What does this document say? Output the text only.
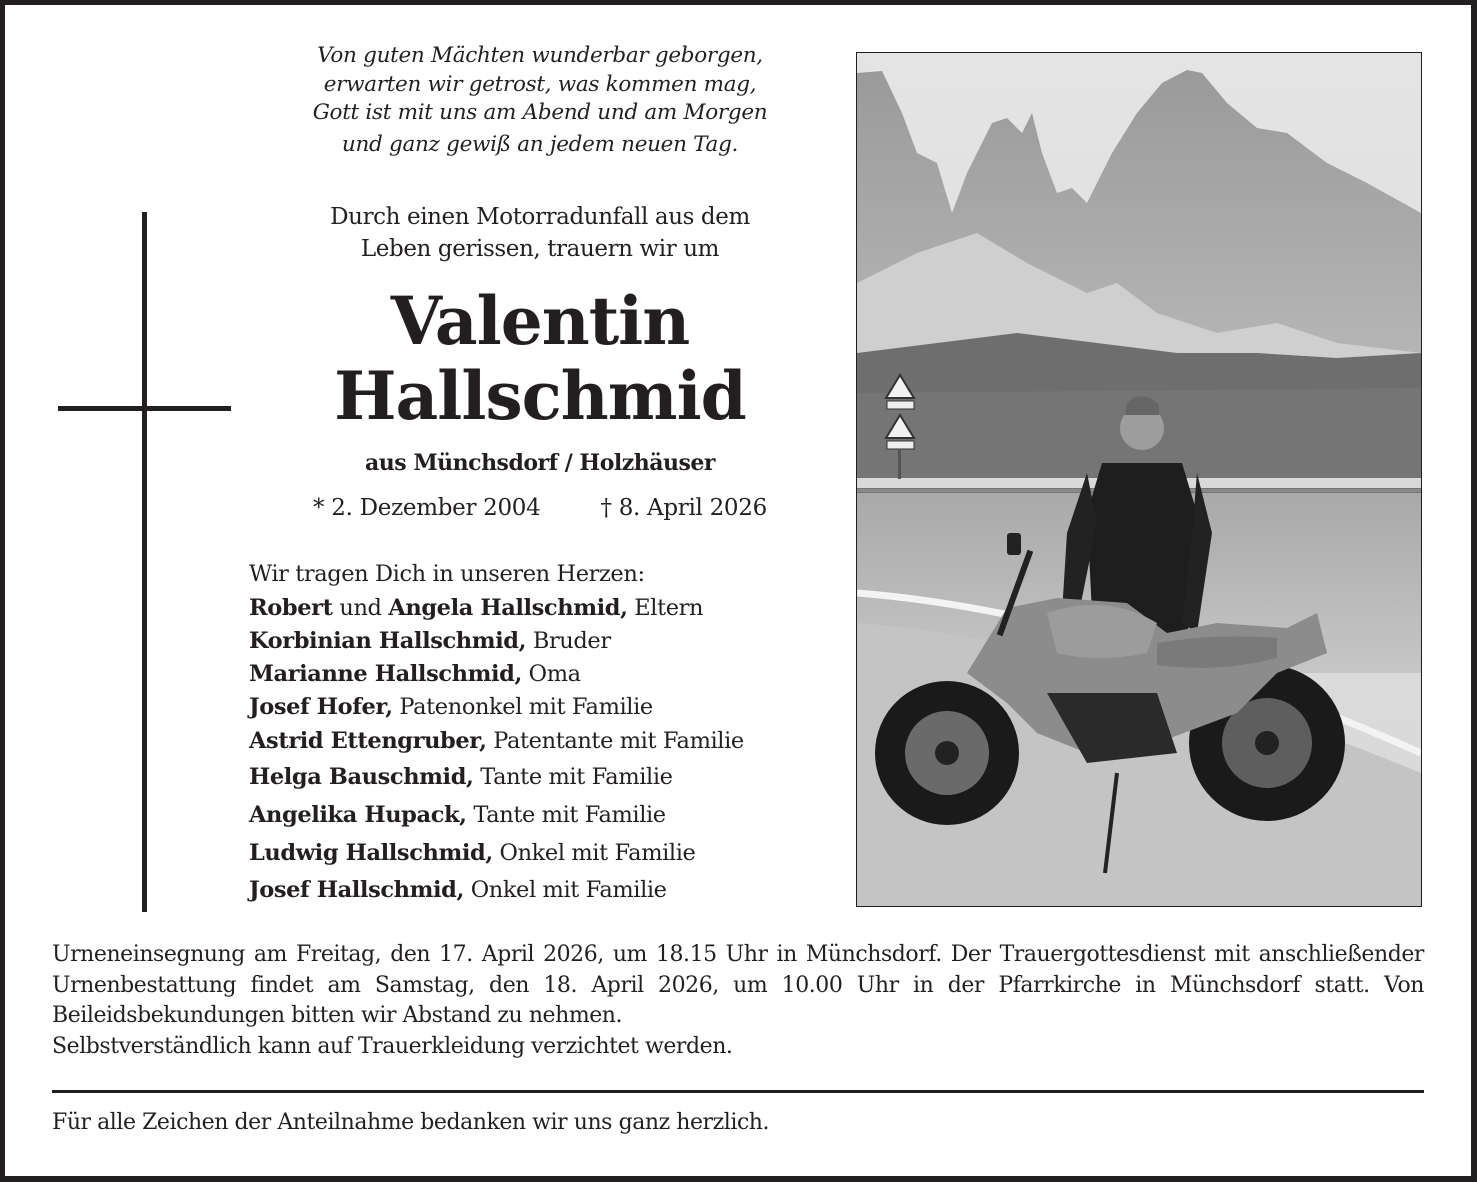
Von guten Mächten wunderbar geborgen,
erwarten wir getrost, was kommen mag,
Gott ist mit uns am Abend und am Morgen
und ganz gewiß an jedem neuen Tag.
Durch einen Motorradunfall aus dem
Leben gerissen, trauern wir um
Valentin
Hallschmid
aus Münchsdorf / Holzhäuser
* 2. Dezember 2004	† 8. April 2026
Wir tragen Dich in unseren Herzen:
Robert und Angela Hallschmid, Eltern
Korbinian Hallschmid, Bruder
Marianne Hallschmid, Oma
Josef Hofer, Patenonkel mit Familie
Astrid Ettengruber, Patentante mit Familie
Helga Bauschmid, Tante mit Familie
Angelika Hupack, Tante mit Familie
Ludwig Hallschmid, Onkel mit Familie
Josef Hallschmid, Onkel mit Familie
Urneneinsegnung am Freitag, den 17. April 2026, um 18.15 Uhr in Münchsdorf. Der Trauergottesdienst mit anschließender Urnenbestattung findet am Samstag, den 18. April 2026, um 10.00 Uhr in der Pfarrkirche in Münchsdorf statt. Von Beileidsbekundungen bitten wir Abstand zu nehmen.
Selbstverständlich kann auf Trauerkleidung verzichtet werden.
Für alle Zeichen der Anteilnahme bedanken wir uns ganz herzlich.
